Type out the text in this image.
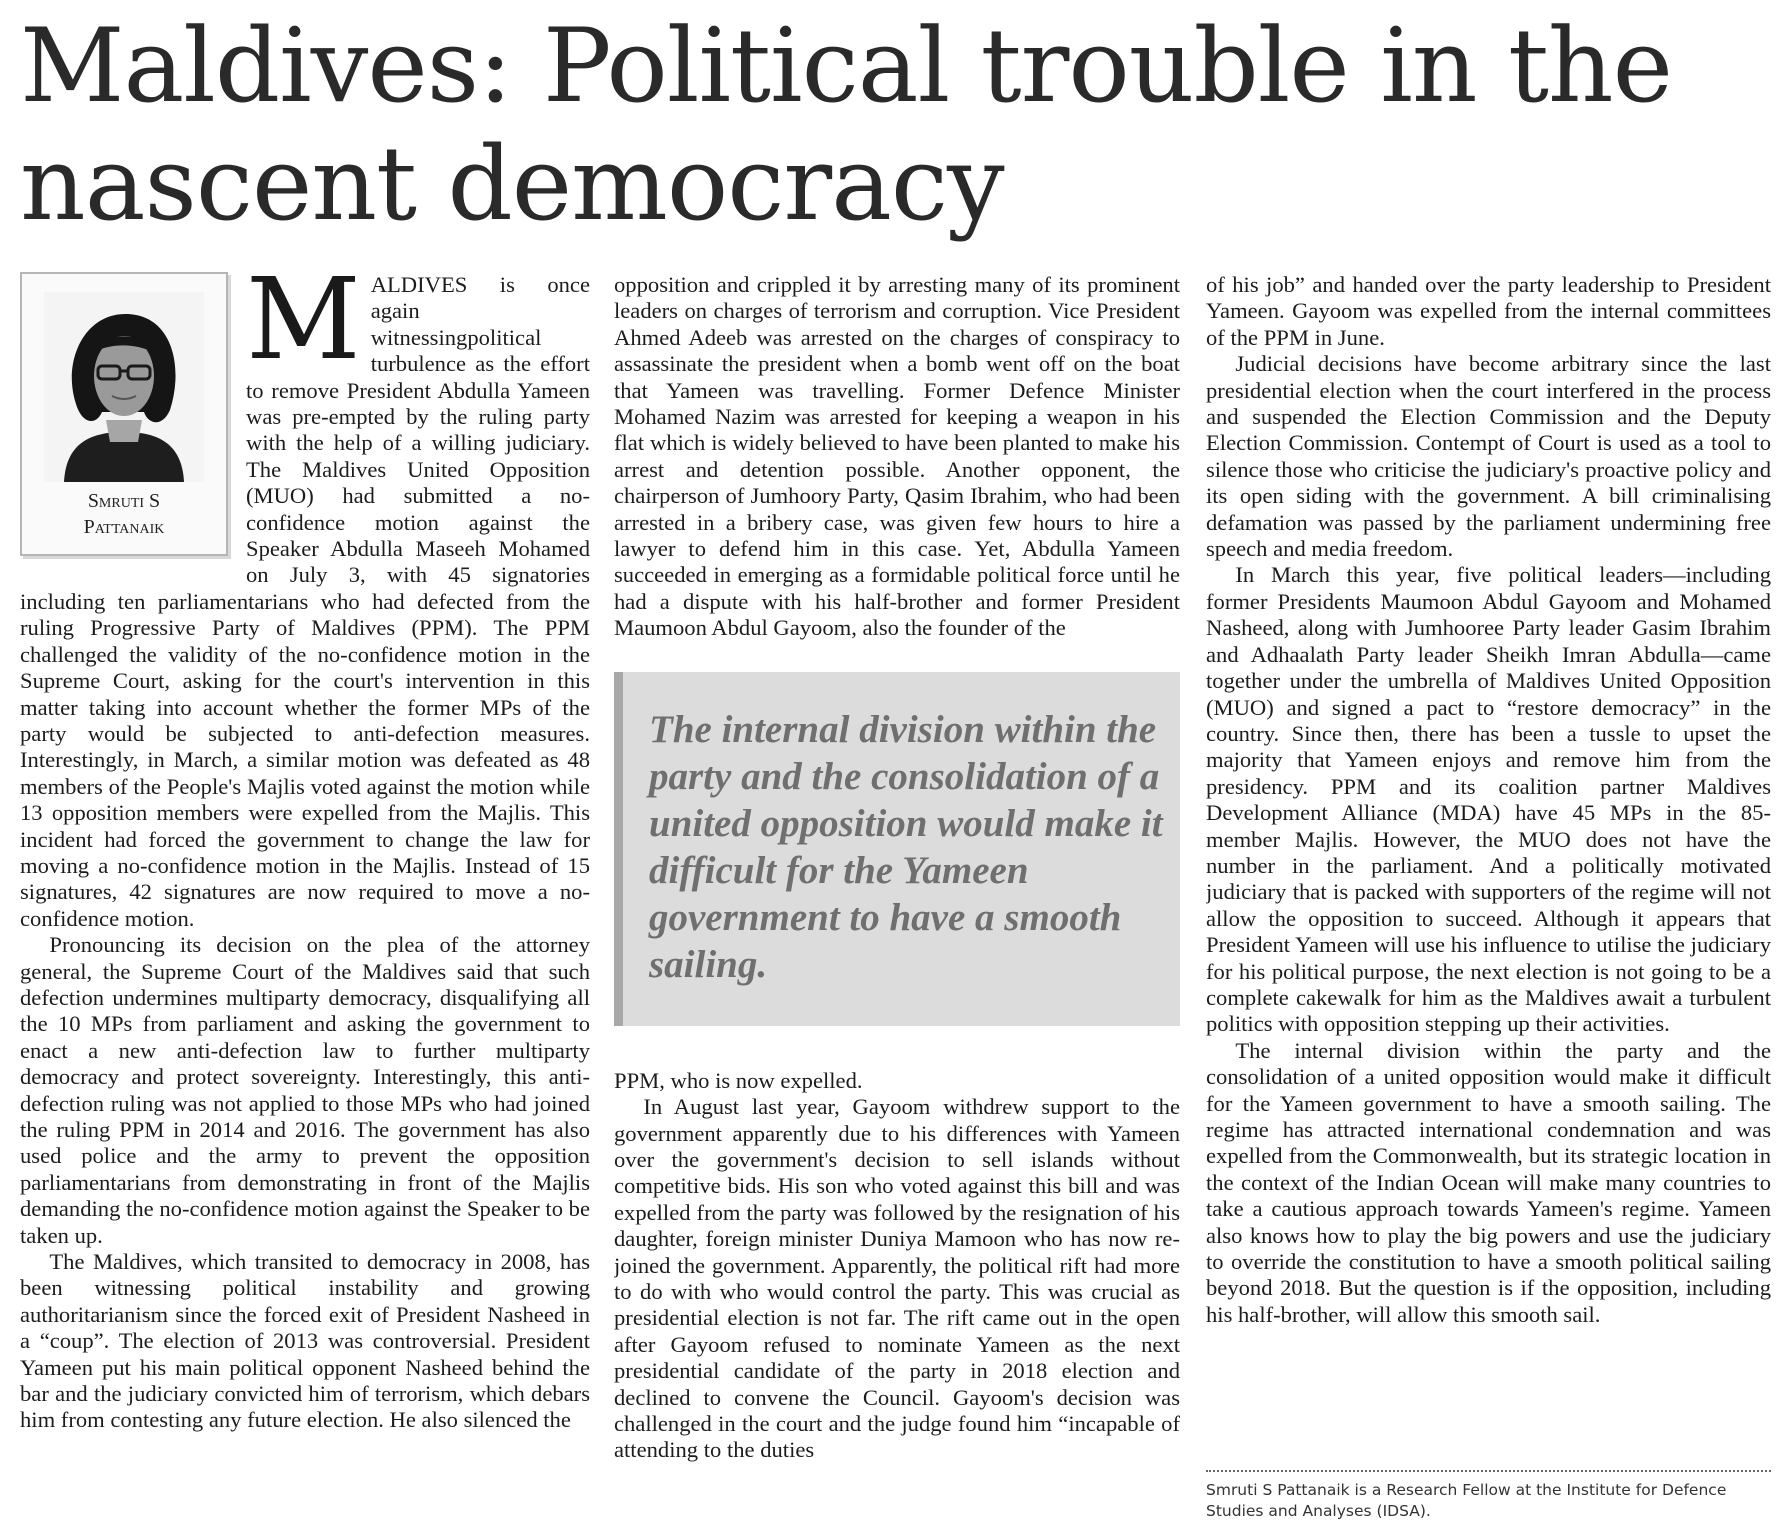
Maldives: Political trouble in the nascent democracy
Smruti S
Pattanaik

MALDIVES is once again witnessingpolitical turbulence as the effort to remove President Abdulla Yameen was pre-empted by the ruling party with the help of a willing judiciary. The Maldives United Opposition (MUO) had submitted a no-confidence motion against the Speaker Abdulla Maseeh Mohamed on July 3, with 45 signatories including ten parliamentarians who had defected from the ruling Progressive Party of Maldives (PPM). The PPM challenged the validity of the no-confidence motion in the Supreme Court, asking for the court's intervention in this matter taking into account whether the former MPs of the party would be subjected to anti-defection measures. Interestingly, in March, a similar motion was defeated as 48 members of the People's Majlis voted against the motion while 13 opposition members were expelled from the Majlis. This incident had forced the government to change the law for moving a no-confidence motion in the Majlis. Instead of 15 signatures, 42 signatures are now required to move a no-confidence motion.

Pronouncing its decision on the plea of the attorney general, the Supreme Court of the Maldives said that such defection undermines multiparty democracy, disqualifying all the 10 MPs from parliament and asking the government to enact a new anti-defection law to further multiparty democracy and protect sovereignty. Interestingly, this anti-defection ruling was not applied to those MPs who had joined the ruling PPM in 2014 and 2016. The government has also used police and the army to prevent the opposition parliamentarians from demonstrating in front of the Majlis demanding the no-confidence motion against the Speaker to be taken up.

The Maldives, which transited to democracy in 2008, has been witnessing political instability and growing authoritarianism since the forced exit of President Nasheed in a “coup”. The election of 2013 was controversial. President Yameen put his main political opponent Nasheed behind the bar and the judiciary convicted him of terrorism, which debars him from contesting any future election. He also silenced the

opposition and crippled it by arresting many of its prominent leaders on charges of terrorism and corruption. Vice President Ahmed Adeeb was arrested on the charges of conspiracy to assassinate the president when a bomb went off on the boat that Yameen was travelling. Former Defence Minister Mohamed Nazim was arrested for keeping a weapon in his flat which is widely believed to have been planted to make his arrest and detention possible. Another opponent, the chairperson of Jumhoory Party, Qasim Ibrahim, who had been arrested in a bribery case, was given few hours to hire a lawyer to defend him in this case. Yet, Abdulla Yameen succeeded in emerging as a formidable political force until he had a dispute with his half-brother and former President Maumoon Abdul Gayoom, also the founder of the

The internal division within the party and the consolidation of a united opposition would make it difficult for the Yameen government to have a smooth sailing.

PPM, who is now expelled.

In August last year, Gayoom withdrew support to the government apparently due to his differences with Yameen over the government's decision to sell islands without competitive bids. His son who voted against this bill and was expelled from the party was followed by the resignation of his daughter, foreign minister Duniya Mamoon who has now re-joined the government. Apparently, the political rift had more to do with who would control the party. This was crucial as presidential election is not far. The rift came out in the open after Gayoom refused to nominate Yameen as the next presidential candidate of the party in 2018 election and declined to convene the Council. Gayoom's decision was challenged in the court and the judge found him “incapable of attending to the duties

of his job” and handed over the party leadership to President Yameen. Gayoom was expelled from the internal committees of the PPM in June.

Judicial decisions have become arbitrary since the last presidential election when the court interfered in the process and suspended the Election Commission and the Deputy Election Commission. Contempt of Court is used as a tool to silence those who criticise the judiciary's proactive policy and its open siding with the government. A bill criminalising defamation was passed by the parliament undermining free speech and media freedom.

In March this year, five political leaders—including former Presidents Maumoon Abdul Gayoom and Mohamed Nasheed, along with Jumhooree Party leader Gasim Ibrahim and Adhaalath Party leader Sheikh Imran Abdulla—came together under the umbrella of Maldives United Opposition (MUO) and signed a pact to “restore democracy” in the country. Since then, there has been a tussle to upset the majority that Yameen enjoys and remove him from the presidency. PPM and its coalition partner Maldives Development Alliance (MDA) have 45 MPs in the 85-member Majlis. However, the MUO does not have the number in the parliament. And a politically motivated judiciary that is packed with supporters of the regime will not allow the opposition to succeed. Although it appears that President Yameen will use his influence to utilise the judiciary for his political purpose, the next election is not going to be a complete cakewalk for him as the Maldives await a turbulent politics with opposition stepping up their activities.

The internal division within the party and the consolidation of a united opposition would make it difficult for the Yameen government to have a smooth sailing. The regime has attracted international condemnation and was expelled from the Commonwealth, but its strategic location in the context of the Indian Ocean will make many countries to take a cautious approach towards Yameen's regime. Yameen also knows how to play the big powers and use the judiciary to override the constitution to have a smooth political sailing beyond 2018. But the question is if the opposition, including his half-brother, will allow this smooth sail.

Smruti S Pattanaik is a Research Fellow at the Institute for Defence Studies and Analyses (IDSA).
